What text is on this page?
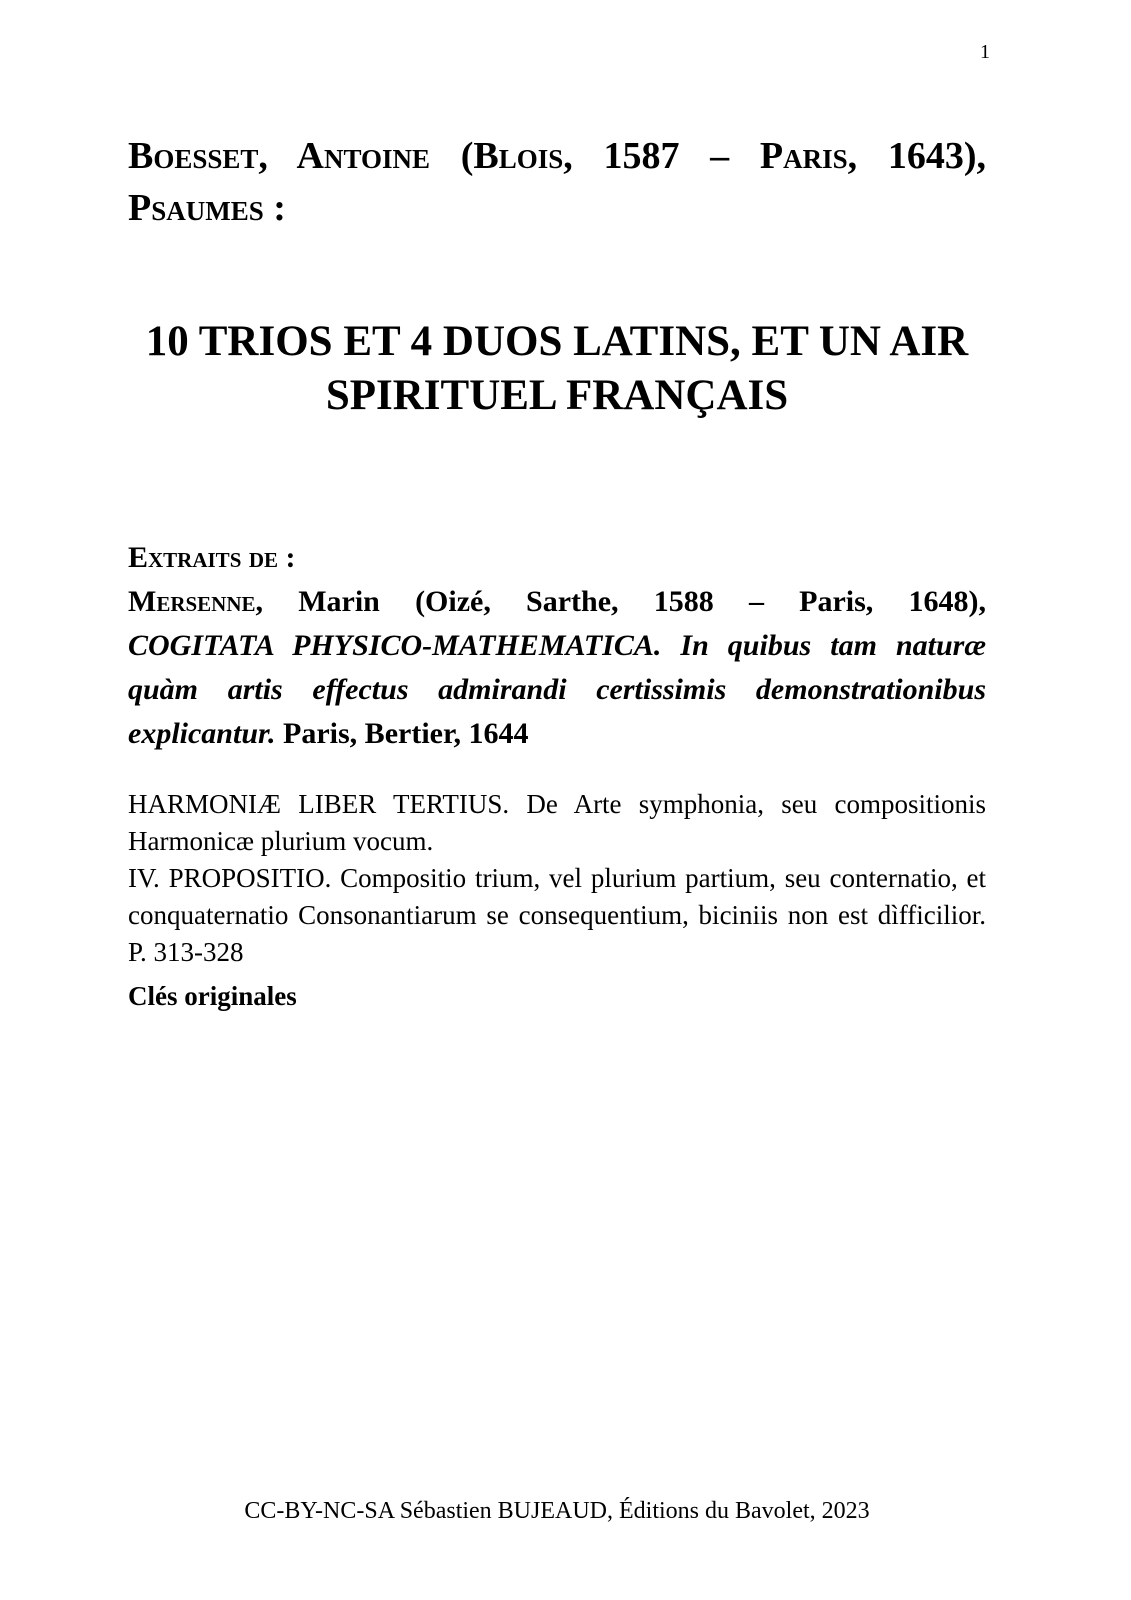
1
Boesset, Antoine (Blois, 1587 – Paris, 1643),
Psaumes :
10 TRIOS ET 4 DUOS LATINS, ET UN AIR
SPIRITUEL FRANÇAIS
Extraits de :
Mersenne, Marin (Oizé, Sarthe, 1588 – Paris, 1648),
COGITATA PHYSICO-MATHEMATICA. In quibus tam naturæ
quàm artis effectus admirandi certissimis demonstrationibus
explicantur. Paris, Bertier, 1644
HARMONIÆ LIBER TERTIUS. De Arte symphonia, seu compositionis
Harmonicæ plurium vocum.
IV. PROPOSITIO. Compositio trium, vel plurium partium, seu conternatio, et
conquaternatio Consonantiarum se consequentium, biciniis non est dìfficilior.
P. 313-328
Clés originales
CC-BY-NC-SA Sébastien BUJEAUD, Éditions du Bavolet, 2023
